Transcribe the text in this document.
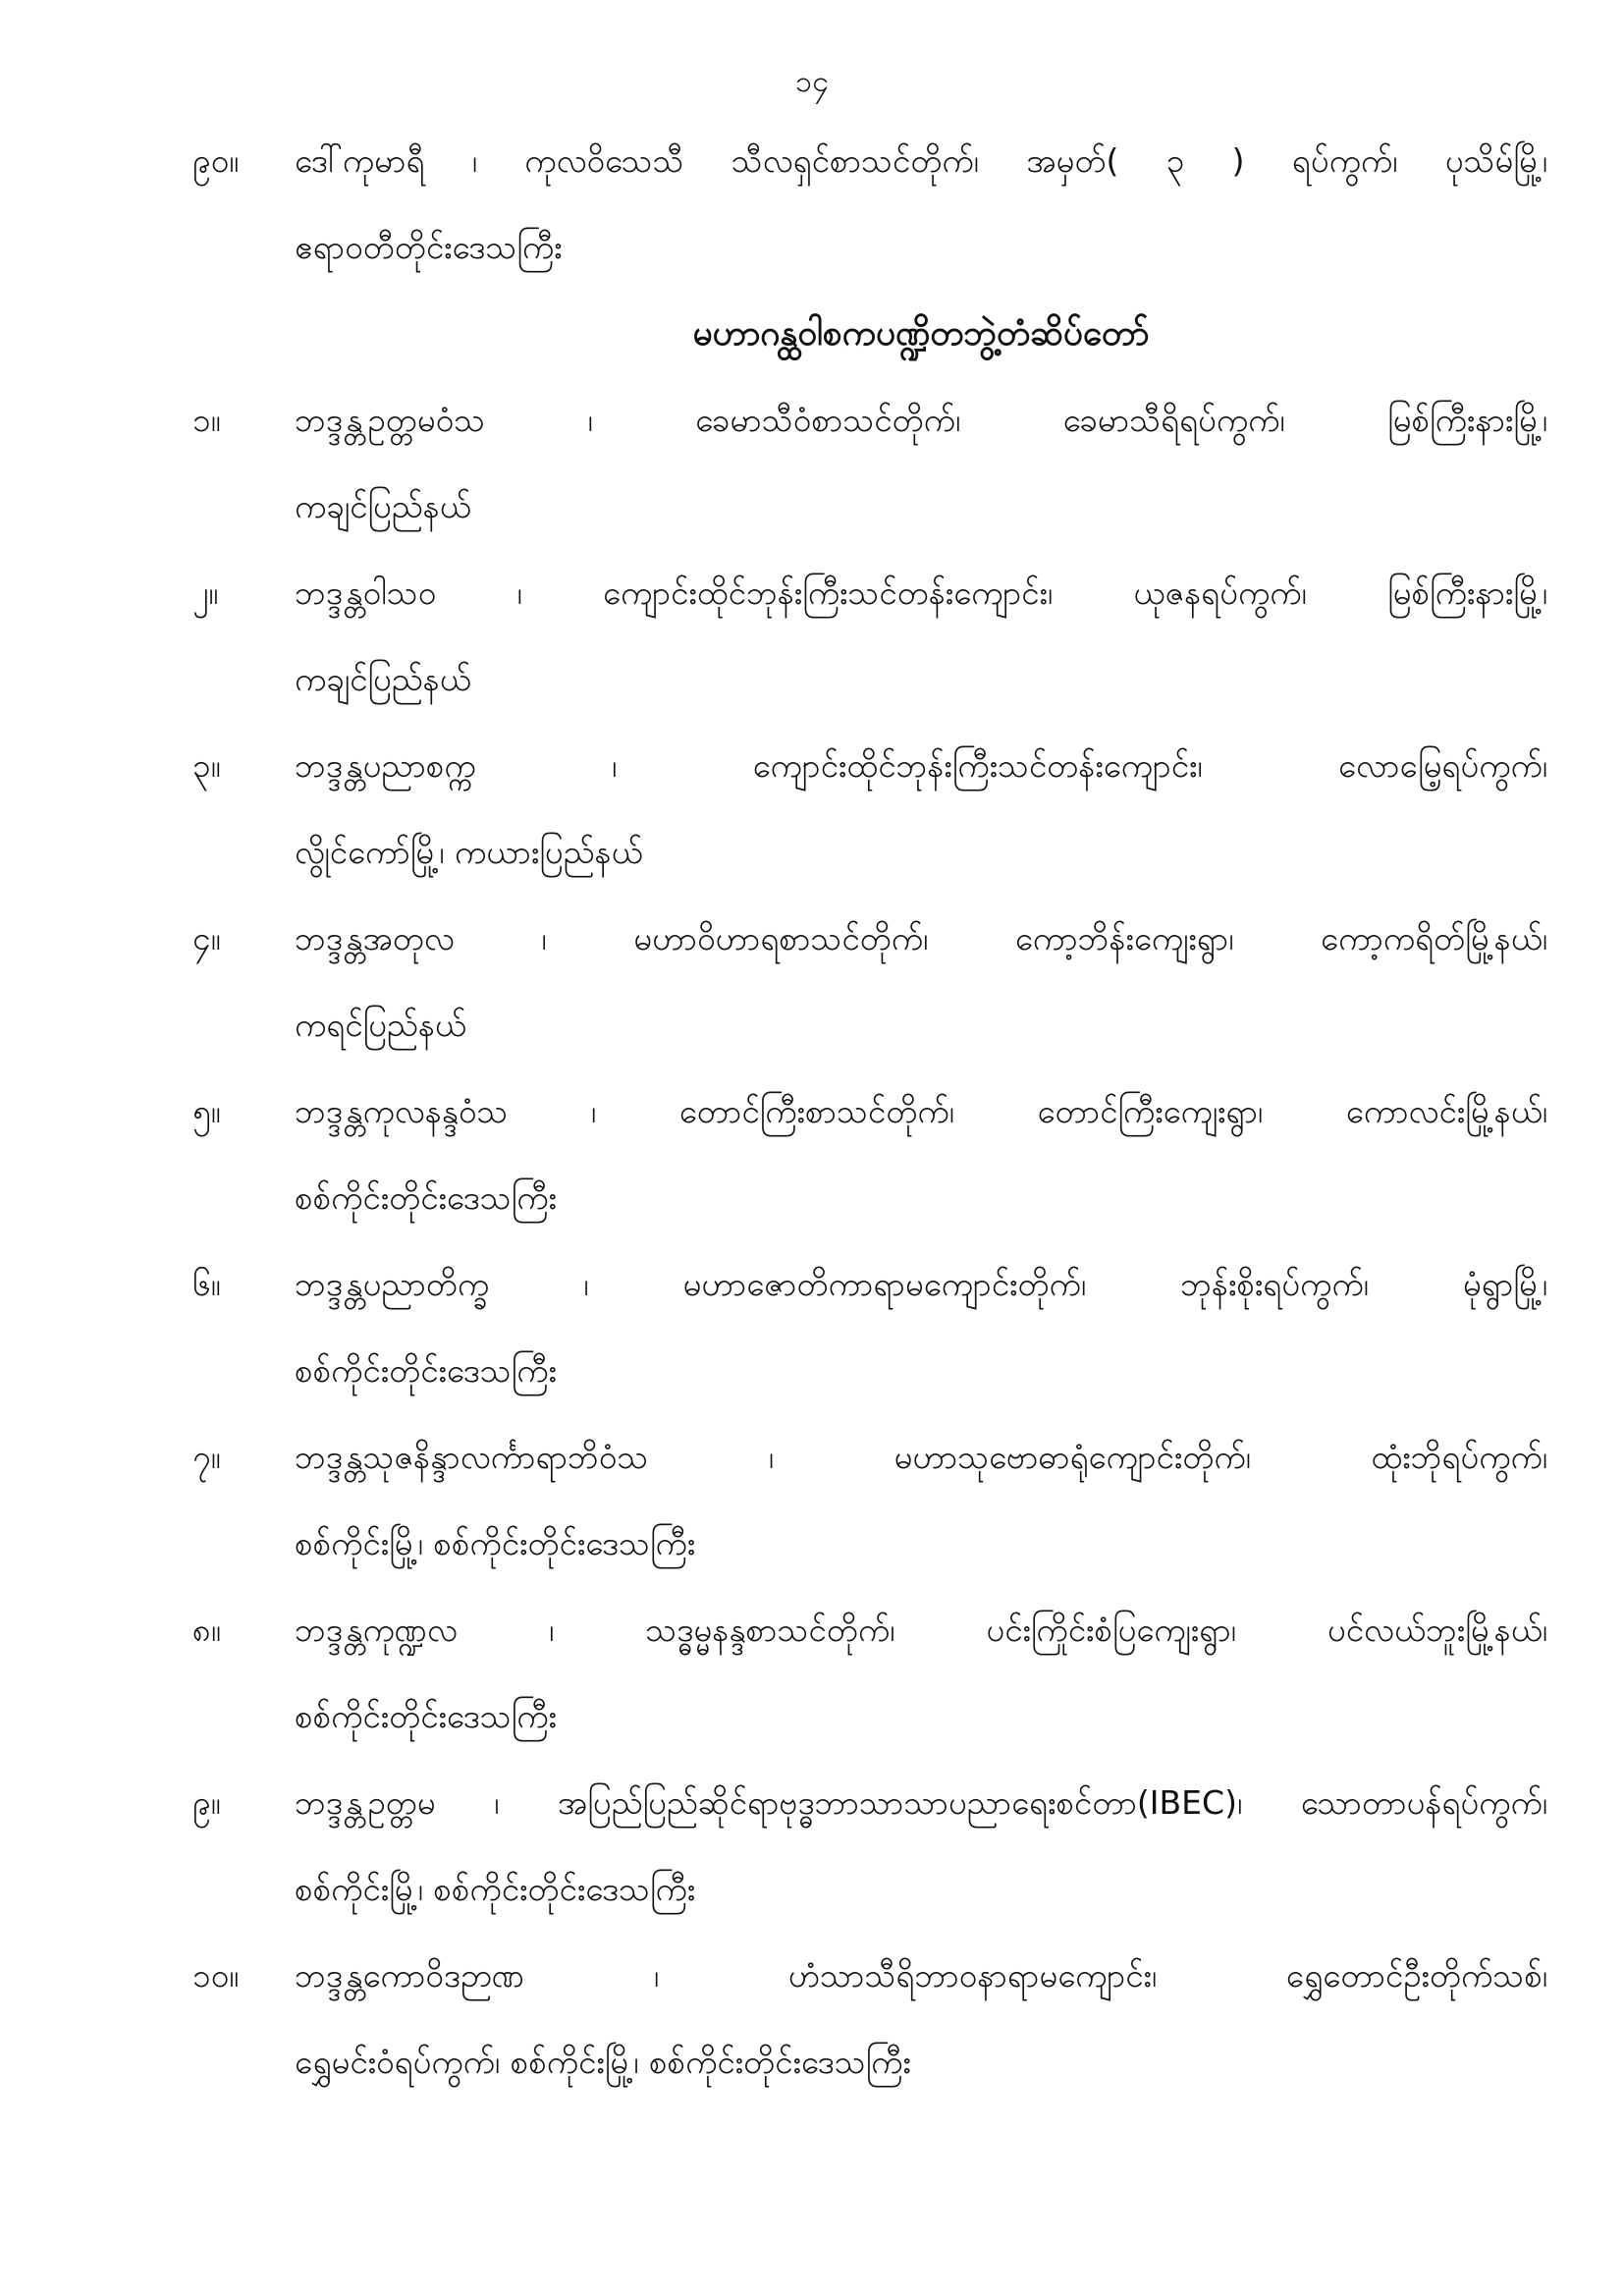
၁၄
၉၀။	ဒေါ်ကုမာရီ ၊ ကုလဝိသေသီ သီလရှင်စာသင်တိုက်၊ အမှတ်( ၃ ) ရပ်ကွက်၊ ပုသိမ်မြို့၊
ဧရာဝတီတိုင်းဒေသကြီး
မဟာဂန္ထဝါစကပဏ္ဍိတဘွဲ့တံဆိပ်တော်
၁။	ဘဒ္ဒန္တဥတ္တမဝံသ ၊ ခေမာသီဝံစာသင်တိုက်၊ ခေမာသီရိရပ်ကွက်၊ မြစ်ကြီးနားမြို့၊
ကချင်ပြည်နယ်
၂။	ဘဒ္ဒန္တဝါသဝ ၊ ကျောင်းထိုင်ဘုန်းကြီးသင်တန်းကျောင်း၊ ယုဇနရပ်ကွက်၊ မြစ်ကြီးနားမြို့၊
ကချင်ပြည်နယ်
၃။	ဘဒ္ဒန္တပညာစက္က ၊ ကျောင်းထိုင်ဘုန်းကြီးသင်တန်းကျောင်း၊ လောမြေ့ရပ်ကွက်၊
လွိုင်ကော်မြို့၊ ကယားပြည်နယ်
၄။	ဘဒ္ဒန္တအတုလ ၊ မဟာဝိဟာရစာသင်တိုက်၊ ကော့ဘိန်းကျေးရွာ၊ ကော့ကရိတ်မြို့နယ်၊
ကရင်ပြည်နယ်
၅။	ဘဒ္ဒန္တကုလနန္ဒဝံသ ၊ တောင်ကြီးစာသင်တိုက်၊ တောင်ကြီးကျေးရွာ၊ ကောလင်းမြို့နယ်၊
စစ်ကိုင်းတိုင်းဒေသကြီး
၆။	ဘဒ္ဒန္တပညာတိက္ခ ၊ မဟာဇောတိကာရာမကျောင်းတိုက်၊ ဘုန်းစိုးရပ်ကွက်၊ မုံရွာမြို့၊
စစ်ကိုင်းတိုင်းဒေသကြီး
၇။	ဘဒ္ဒန္တသုဇနိန္ဒာလင်္ကာရာဘိဝံသ ၊ မဟာသုဗောဓာရုံကျောင်းတိုက်၊ ထုံးဘိုရပ်ကွက်၊
စစ်ကိုင်းမြို့၊ စစ်ကိုင်းတိုင်းဒေသကြီး
၈။	ဘဒ္ဒန္တကုဏ္ဍလ ၊ သဒ္ဓမ္မနန္ဒစာသင်တိုက်၊ ပင်းကြိုင်းစံပြကျေးရွာ၊ ပင်လယ်ဘူးမြို့နယ်၊
စစ်ကိုင်းတိုင်းဒေသကြီး
၉။	ဘဒ္ဒန္တဥတ္တမ ၊ အပြည်ပြည်ဆိုင်ရာဗုဒ္ဓဘာသာသာပညာရေးစင်တာ(IBEC)၊ သောတာပန်ရပ်ကွက်၊
စစ်ကိုင်းမြို့၊ စစ်ကိုင်းတိုင်းဒေသကြီး
၁၀။	ဘဒ္ဒန္တကောဝိဒဉာဏ ၊ ဟံသာသီရိဘာဝနာရာမကျောင်း၊ ရွှေတောင်ဦးတိုက်သစ်၊
ရွှေမင်းဝံရပ်ကွက်၊ စစ်ကိုင်းမြို့၊ စစ်ကိုင်းတိုင်းဒေသကြီး
